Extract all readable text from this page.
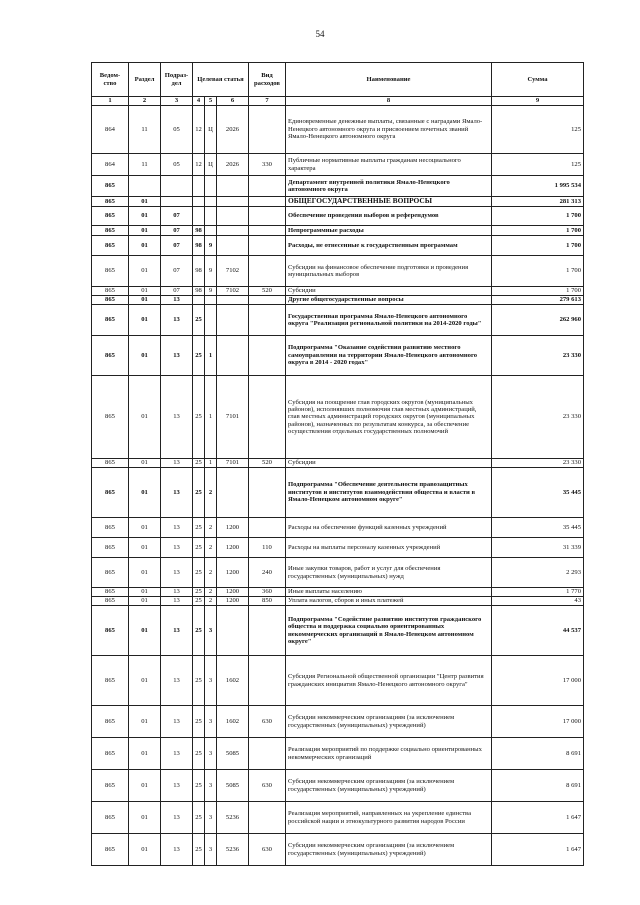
54
Ведом-ство	Раздел	Подраз-дел	Целевая статья			Вид расходов	Наименование	Сумма
1	2	3	4	5	6	7	8	9
864	11	05	12	Ц	2026		Единовременные денежные выплаты, связанные с наградами Ямало-Ненецкого автономного округа и присвоением почетных званий Ямало-Ненецкого автономного округа	125
864	11	05	12	Ц	2026	330	Публичные нормативные выплаты гражданам несоциального характера	125
865							Департамент внутренней политики Ямало-Ненецкого автономного округа	1 995 534
865	01						ОБЩЕГОСУДАРСТВЕННЫЕ ВОПРОСЫ	281 313
865	01	07					Обеспечение проведения выборов и референдумов	1 700
865	01	07	98				Непрограммные расходы	1 700
865	01	07	98	9			Расходы, не отнесенные к государственным программам	1 700
865	01	07	98	9	7102		Субсидии на финансовое обеспечение подготовки и проведения муниципальных выборов	1 700
865	01	07	98	9	7102	520	Субсидии	1 700
865	01	13					Другие общегосударственные вопросы	279 613
865	01	13	25				Государственная программа Ямало-Ненецкого автономного округа "Реализация региональной политики на 2014-2020 годы"	262 960
865	01	13	25	1			Подпрограмма "Оказание содействия развитию местного самоуправления на территории Ямало-Ненецкого автономного округа в 2014 - 2020 годах"	23 330
865	01	13	25	1	7101		Субсидия на поощрение глав городских округов (муниципальных районов), исполнявших полномочия глав местных администраций, глав местных администраций городских округов (муниципальных районов), назначенных по результатам конкурса, за обеспечение осуществления отдельных государственных полномочий	23 330
865	01	13	25	1	7101	520	Субсидии	23 330
865	01	13	25	2			Подпрограмма "Обеспечение деятельности правозащитных институтов и институтов взаимодействия общества и власти в Ямало-Ненецком автономном округе"	35 445
865	01	13	25	2	1200		Расходы на обеспечение функций казенных учреждений	35 445
865	01	13	25	2	1200	110	Расходы на выплаты персоналу казенных учреждений	31 339
865	01	13	25	2	1200	240	Иные закупки товаров, работ и услуг для обеспечения государственных (муниципальных) нужд	2 293
865	01	13	25	2	1200	360	Иные выплаты населению	1 770
865	01	13	25	2	1200	850	Уплата налогов, сборов и иных платежей	43
865	01	13	25	3			Подпрограмма "Содействие развитию институтов гражданского общества и поддержка социально ориентированных некоммерческих организаций в Ямало-Ненецком автономном округе"	44 537
865	01	13	25	3	1602		Субсидия Региональной общественной организации "Центр развития гражданских инициатив Ямало-Ненецкого автономного округа"	17 000
865	01	13	25	3	1602	630	Субсидии некоммерческим организациям (за исключением государственных (муниципальных) учреждений)	17 000
865	01	13	25	3	5085		Реализация мероприятий по поддержке социально ориентированных некоммерческих организаций	8 691
865	01	13	25	3	5085	630	Субсидии некоммерческим организациям (за исключением государственных (муниципальных) учреждений)	8 691
865	01	13	25	3	5236		Реализация мероприятий, направленных на укрепление единства российской нации и этнокультурного развития народов России	1 647
865	01	13	25	3	5236	630	Субсидии некоммерческим организациям (за исключением государственных (муниципальных) учреждений)	1 647
